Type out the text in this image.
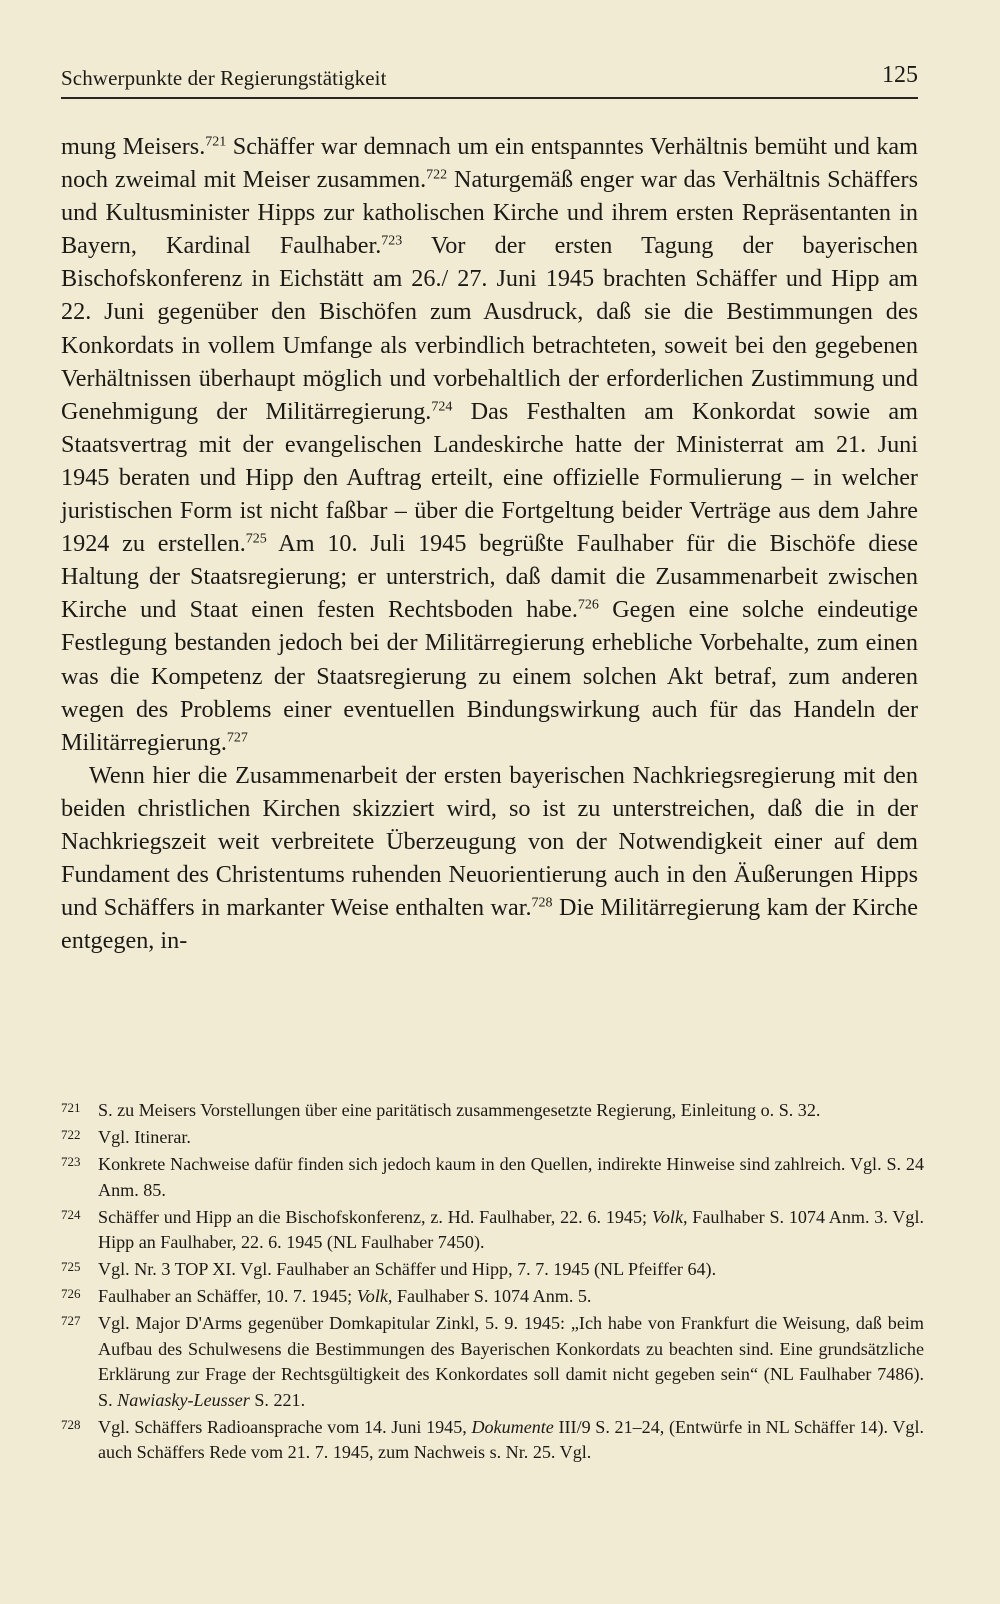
Schwerpunkte der Regierungstätigkeit	125

mung Meisers.$^{721}$ Schäffer war demnach um ein entspanntes Verhältnis bemüht und kam noch zweimal mit Meiser zusammen.$^{722}$ Naturgemäß enger war das Verhältnis Schäffers und Kultusminister Hipps zur katholischen Kirche und ihrem ersten Repräsentanten in Bayern, Kardinal Faulhaber.$^{723}$ Vor der ersten Tagung der bayerischen Bischofskonferenz in Eichstätt am 26./ 27. Juni 1945 brachten Schäffer und Hipp am 22. Juni gegenüber den Bischöfen zum Ausdruck, daß sie die Bestimmungen des Konkordats in vollem Umfange als verbindlich betrachteten, soweit bei den gegebenen Verhältnissen überhaupt möglich und vorbehaltlich der erforderlichen Zustimmung und Genehmigung der Militärregierung.$^{724}$ Das Festhalten am Konkordat sowie am Staatsvertrag mit der evangelischen Landeskirche hatte der Ministerrat am 21. Juni 1945 beraten und Hipp den Auftrag erteilt, eine offizielle Formulierung – in welcher juristischen Form ist nicht faßbar – über die Fortgeltung beider Verträge aus dem Jahre 1924 zu erstellen.$^{725}$ Am 10. Juli 1945 begrüßte Faulhaber für die Bischöfe diese Haltung der Staatsregierung; er unterstrich, daß damit die Zusammenarbeit zwischen Kirche und Staat einen festen Rechtsboden habe.$^{726}$ Gegen eine solche eindeutige Festlegung bestanden jedoch bei der Militärregierung erhebliche Vorbehalte, zum einen was die Kompetenz der Staatsregierung zu einem solchen Akt betraf, zum anderen wegen des Problems einer eventuellen Bindungswirkung auch für das Handeln der Militärregierung.$^{727}$

Wenn hier die Zusammenarbeit der ersten bayerischen Nachkriegsregierung mit den beiden christlichen Kirchen skizziert wird, so ist zu unterstreichen, daß die in der Nachkriegszeit weit verbreitete Überzeugung von der Notwendigkeit einer auf dem Fundament des Christentums ruhenden Neuorientierung auch in den Äußerungen Hipps und Schäffers in markanter Weise enthalten war.$^{728}$ Die Militärregierung kam der Kirche entgegen, in-

721 S. zu Meisers Vorstellungen über eine paritätisch zusammengesetzte Regierung, Einleitung o. S. 32.
722 Vgl. Itinerar.
723 Konkrete Nachweise dafür finden sich jedoch kaum in den Quellen, indirekte Hinweise sind zahlreich. Vgl. S. 24 Anm. 85.
724 Schäffer und Hipp an die Bischofskonferenz, z. Hd. Faulhaber, 22. 6. 1945; Volk, Faulhaber S. 1074 Anm. 3. Vgl. Hipp an Faulhaber, 22. 6. 1945 (NL Faulhaber 7450).
725 Vgl. Nr. 3 TOP XI. Vgl. Faulhaber an Schäffer und Hipp, 7. 7. 1945 (NL Pfeiffer 64).
726 Faulhaber an Schäffer, 10. 7. 1945; Volk, Faulhaber S. 1074 Anm. 5.
727 Vgl. Major D'Arms gegenüber Domkapitular Zinkl, 5. 9. 1945: „Ich habe von Frankfurt die Weisung, daß beim Aufbau des Schulwesens die Bestimmungen des Bayerischen Konkordats zu beachten sind. Eine grundsätzliche Erklärung zur Frage der Rechtsgültigkeit des Konkordates soll damit nicht gegeben sein“ (NL Faulhaber 7486). S. Nawiasky-Leusser S. 221.
728 Vgl. Schäffers Radioansprache vom 14. Juni 1945, Dokumente III/9 S. 21–24, (Entwürfe in NL Schäffer 14). Vgl. auch Schäffers Rede vom 21. 7. 1945, zum Nachweis s. Nr. 25. Vgl.
